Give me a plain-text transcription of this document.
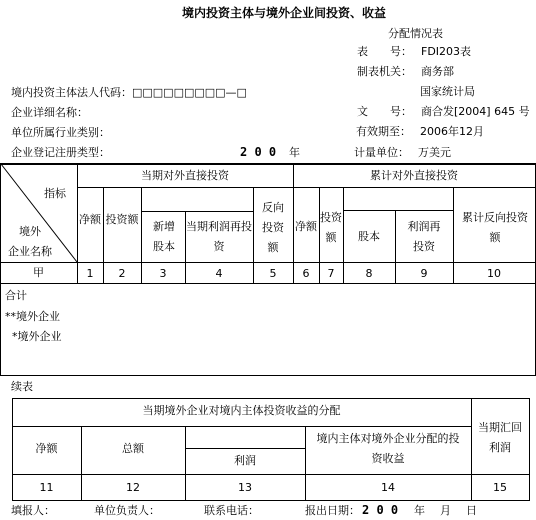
境内投资主体与境外企业间投资、收益
分配情况表
表　　号： FDI203表
制表机关： 商务部
国家统计局
文　　号： 商合发[2004] 645 号
有效期至： 2006年12月
计量单位： 万美元
境内投资主体法人代码：□□□□□□□□□—□
企业详细名称：
单位所属行业类别：
企业登记注册类型：	2 0 0 年
指标
境外
企业名称
当期对外直接投资	累计对外直接投资
净额 投资额
新增股本
当期利润再投资
反向投资额
净额
投资额	股本
利润再投资
累计反向投资额
甲	1	2	3	4	5	6	7	8	9	10
合计
**境外企业
*境外企业
续表
当期境外企业对境内主体投资收益的分配
净额	总额
利润
境内主体对境外企业分配的投资收益
当期汇回利润
11	12	13	14	15
填报人：	单位负责人：	联系电话：	报出日期： 2 0 0 年 月 日
